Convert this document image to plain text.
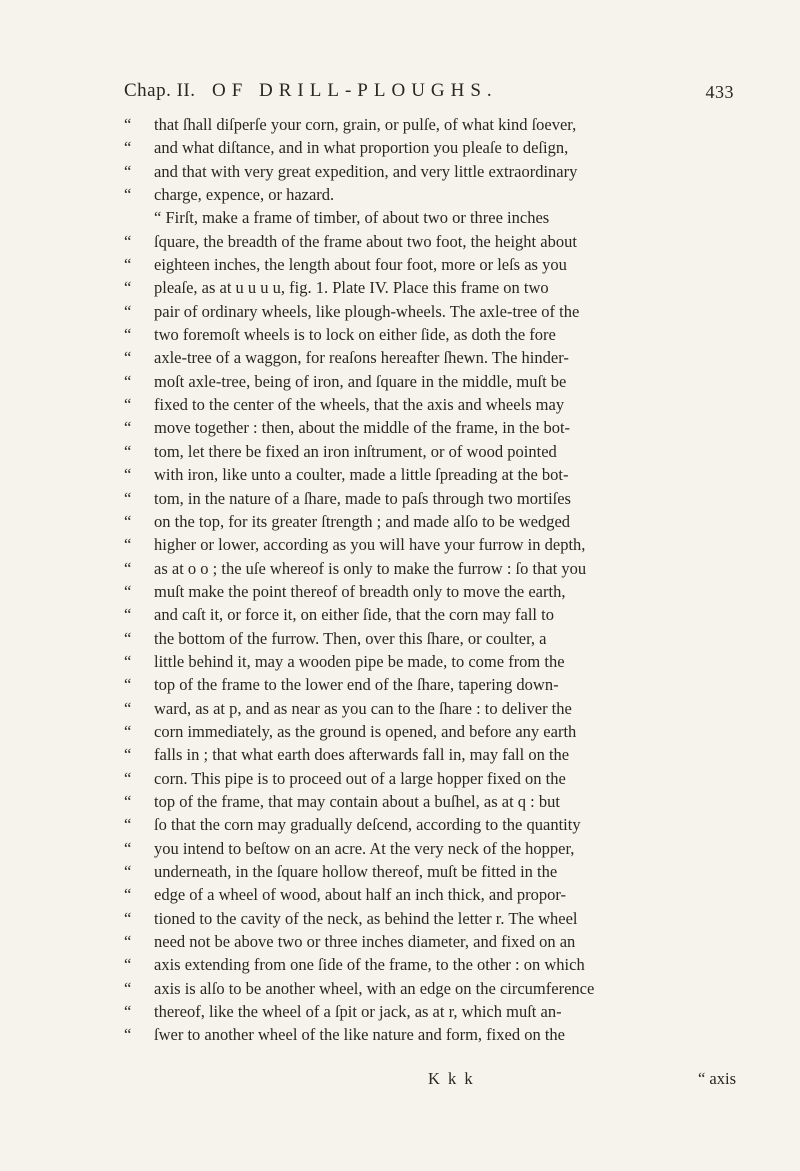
Chap. II. OF DRILL-PLOUGHS.	433
“ that ſhall diſperſe your corn, grain, or pulſe, of what kind ſoever,
“ and what diſtance, and in what proportion you pleaſe to deſign,
“ and that with very great expedition, and very little extraordinary
“ charge, expence, or hazard.
“ Firſt, make a frame of timber, of about two or three inches
“ ſquare, the breadth of the frame about two foot, the height about
“ eighteen inches, the length about four foot, more or leſs as you
“ pleaſe, as at u u u u, fig. 1. Plate IV. Place this frame on two
“ pair of ordinary wheels, like plough-wheels. The axle-tree of the
“ two foremoſt wheels is to lock on either ſide, as doth the fore
“ axle-tree of a waggon, for reaſons hereafter ſhewn. The hinder-
“ moſt axle-tree, being of iron, and ſquare in the middle, muſt be
“ fixed to the center of the wheels, that the axis and wheels may
“ move together : then, about the middle of the frame, in the bot-
“ tom, let there be fixed an iron inſtrument, or of wood pointed
“ with iron, like unto a coulter, made a little ſpreading at the bot-
“ tom, in the nature of a ſhare, made to paſs through two mortiſes
“ on the top, for its greater ſtrength ; and made alſo to be wedged
“ higher or lower, according as you will have your furrow in depth,
“ as at o o ; the uſe whereof is only to make the furrow : ſo that you
“ muſt make the point thereof of breadth only to move the earth,
“ and caſt it, or force it, on either ſide, that the corn may fall to
“ the bottom of the furrow. Then, over this ſhare, or coulter, a
“ little behind it, may a wooden pipe be made, to come from the
“ top of the frame to the lower end of the ſhare, tapering down-
“ ward, as at p, and as near as you can to the ſhare : to deliver the
“ corn immediately, as the ground is opened, and before any earth
“ falls in ; that what earth does afterwards fall in, may fall on the
“ corn. This pipe is to proceed out of a large hopper fixed on the
“ top of the frame, that may contain about a buſhel, as at q : but
“ ſo that the corn may gradually deſcend, according to the quantity
“ you intend to beſtow on an acre. At the very neck of the hopper,
“ underneath, in the ſquare hollow thereof, muſt be fitted in the
“ edge of a wheel of wood, about half an inch thick, and propor-
“ tioned to the cavity of the neck, as behind the letter r. The wheel
“ need not be above two or three inches diameter, and fixed on an
“ axis extending from one ſide of the frame, to the other : on which
“ axis is alſo to be another wheel, with an edge on the circumference
“ thereof, like the wheel of a ſpit or jack, as at r, which muſt an-
“ ſwer to another wheel of the like nature and form, fixed on the
K k k	“ axis
